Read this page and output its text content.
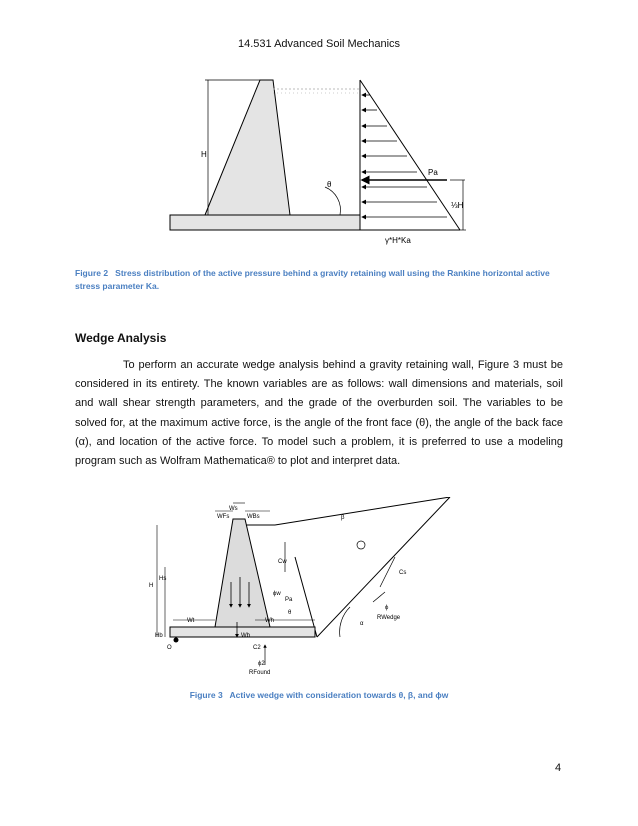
14.531 Advanced Soil Mechanics
H
θ
Pa
⅓H
γ*H*Ka
Figure 2 Stress distribution of the active pressure behind a gravity retaining wall using the Rankine horizontal active stress parameter Ka.
Wedge Analysis
To perform an accurate wedge analysis behind a gravity retaining wall, Figure 3 must be considered in its entirety. The known variables are as follows: wall dimensions and materials, soil and wall shear strength parameters, and the grade of the overburden soil. The variables to be solved for, at the maximum active force, is the angle of the front face (θ), the angle of the back face (α), and location of the active force. To model such a problem, it is preferred to use a modeling program such as Wolfram Mathematica® to plot and interpret data.
Ws
WFs	WBs	β
Hs
H
Cw
Cs
ϕw
Pa
θ
ϕ
α
RWedge
Wt	Wh
Hb	Wb
O	C2
ϕ2
RFound
Figure 3 Active wedge with consideration towards θ, β, and ϕw
4
